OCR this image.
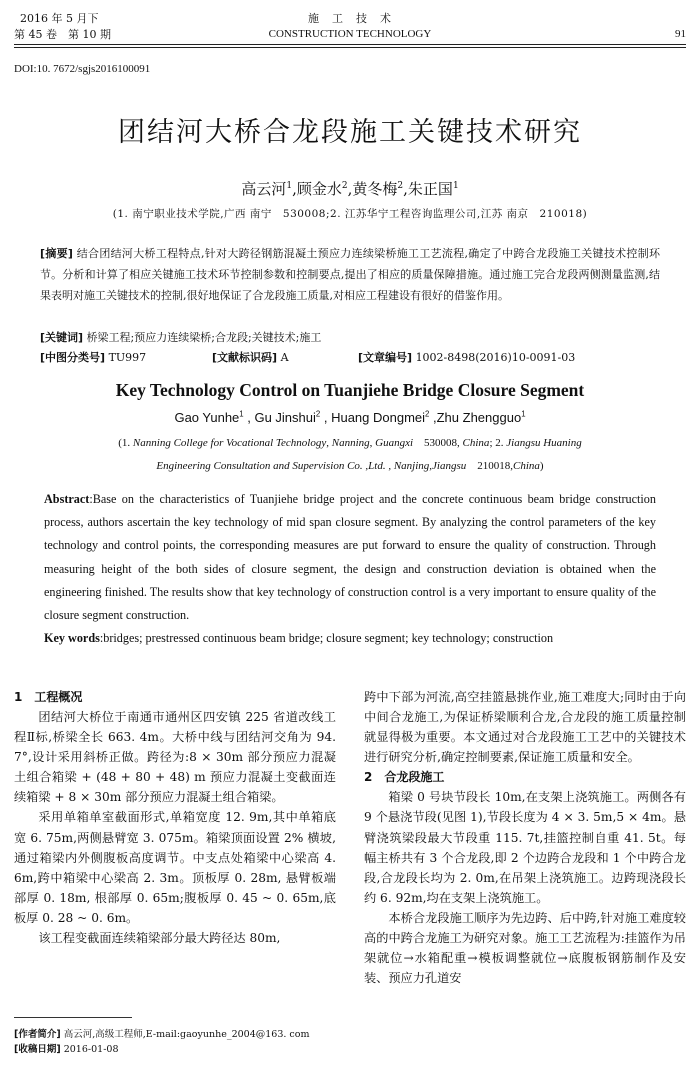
2016 年 5 月下
第 45 卷　第 10 期
施　工　技　术
CONSTRUCTION TECHNOLOGY	91
DOI:10. 7672/sgjs2016100091
团结河大桥合龙段施工关键技术研究
高云河$^1$,顾金水$^2$,黄冬梅$^2$,朱正国$^1$
(1. 南宁职业技术学院,广西 南宁　530008;2. 江苏华宁工程咨询监理公司,江苏 南京　210018)
[摘要] 结合团结河大桥工程特点,针对大跨径钢筋混凝土预应力连续梁桥施工工艺流程,确定了中跨合龙段施工关键技术控制环节。分析和计算了相应关键施工技术环节控制参数和控制要点,提出了相应的质量保障措施。通过施工完合龙段两侧测量监测,结果表明对施工关键技术的控制,很好地保证了合龙段施工质量,对相应工程建设有很好的借鉴作用。
[关键词] 桥梁工程;预应力连续梁桥;合龙段;关键技术;施工
[中图分类号] TU997	[文献标识码] A	[文章编号] 1002-8498(2016)10-0091-03
Key Technology Control on Tuanjiehe Bridge Closure Segment
Gao Yunhe$^1$ , Gu Jinshui$^2$ , Huang Dongmei$^2$ ,Zhu Zhengguo$^1$
(1. Nanning College for Vocational Technology, Nanning, Guangxi　530008, China; 2. Jiangsu Huaning
Engineering Consultation and Supervision Co. ,Ltd. , Nanjing,Jiangsu　210018,China)
Abstract:Base on the characteristics of Tuanjiehe bridge project and the concrete continuous beam bridge construction process, authors ascertain the key technology of mid span closure segment. By analyzing the control parameters of the key technology and control points, the corresponding measures are put forward to ensure the quality of construction. Through measuring height of the both sides of closure segment, the design and construction deviation is obtained when the engineering finished. The results show that key technology of construction control is a very important to ensure quality of the closure segment construction.
Key words:bridges; prestressed continuous beam bridge; closure segment; key technology; construction
1　工程概况

团结河大桥位于南通市通州区四安镇 225 省道改线工程Ⅱ标,桥梁全长 663. 4m。大桥中线与团结河交角为 94. 7°,设计采用斜桥正做。跨径为:8 × 30m 部分预应力混凝土组合箱梁 + (48 + 80 + 48) m 预应力混凝土变截面连续箱梁 + 8 × 30m 部分预应力混凝土组合箱梁。

采用单箱单室截面形式,单箱宽度 12. 9m,其中单箱底宽 6. 75m,两侧悬臂宽 3. 075m。箱梁顶面设置 2% 横坡,通过箱梁内外侧腹板高度调节。中支点处箱梁中心梁高 4. 6m,跨中箱梁中心梁高 2. 3m。顶板厚 0. 28m, 悬臂板端部厚 0. 18m, 根部厚 0. 65m;腹板厚 0. 45 ~ 0. 65m,底板厚 0. 28 ~ 0. 6m。

该工程变截面连续箱梁部分最大跨径达 80m,

跨中下部为河流,高空挂篮悬挑作业,施工难度大;同时由于向中间合龙施工,为保证桥梁顺利合龙,合龙段的施工质量控制就显得极为重要。本文通过对合龙段施工工艺中的关键技术进行研究分析,确定控制要素,保证施工质量和安全。

2　合龙段施工

箱梁 0 号块节段长 10m,在支架上浇筑施工。两侧各有 9 个悬浇节段(见图 1),节段长度为 4 × 3. 5m,5 × 4m。悬臂浇筑梁段最大节段重 115. 7t,挂篮控制自重 41. 5t。每幅主桥共有 3 个合龙段,即 2 个边跨合龙段和 1 个中跨合龙段,合龙段长均为 2. 0m,在吊架上浇筑施工。边跨现浇段长约 6. 92m,均在支架上浇筑施工。

本桥合龙段施工顺序为先边跨、后中跨,针对施工难度较高的中跨合龙施工为研究对象。施工工艺流程为:挂篮作为吊架就位→水箱配重→模板调整就位→底腹板钢筋制作及安装、预应力孔道安

[作者简介] 高云河,高级工程师,E-mail:gaoyunhe_2004@163. com
[收稿日期] 2016-01-08
